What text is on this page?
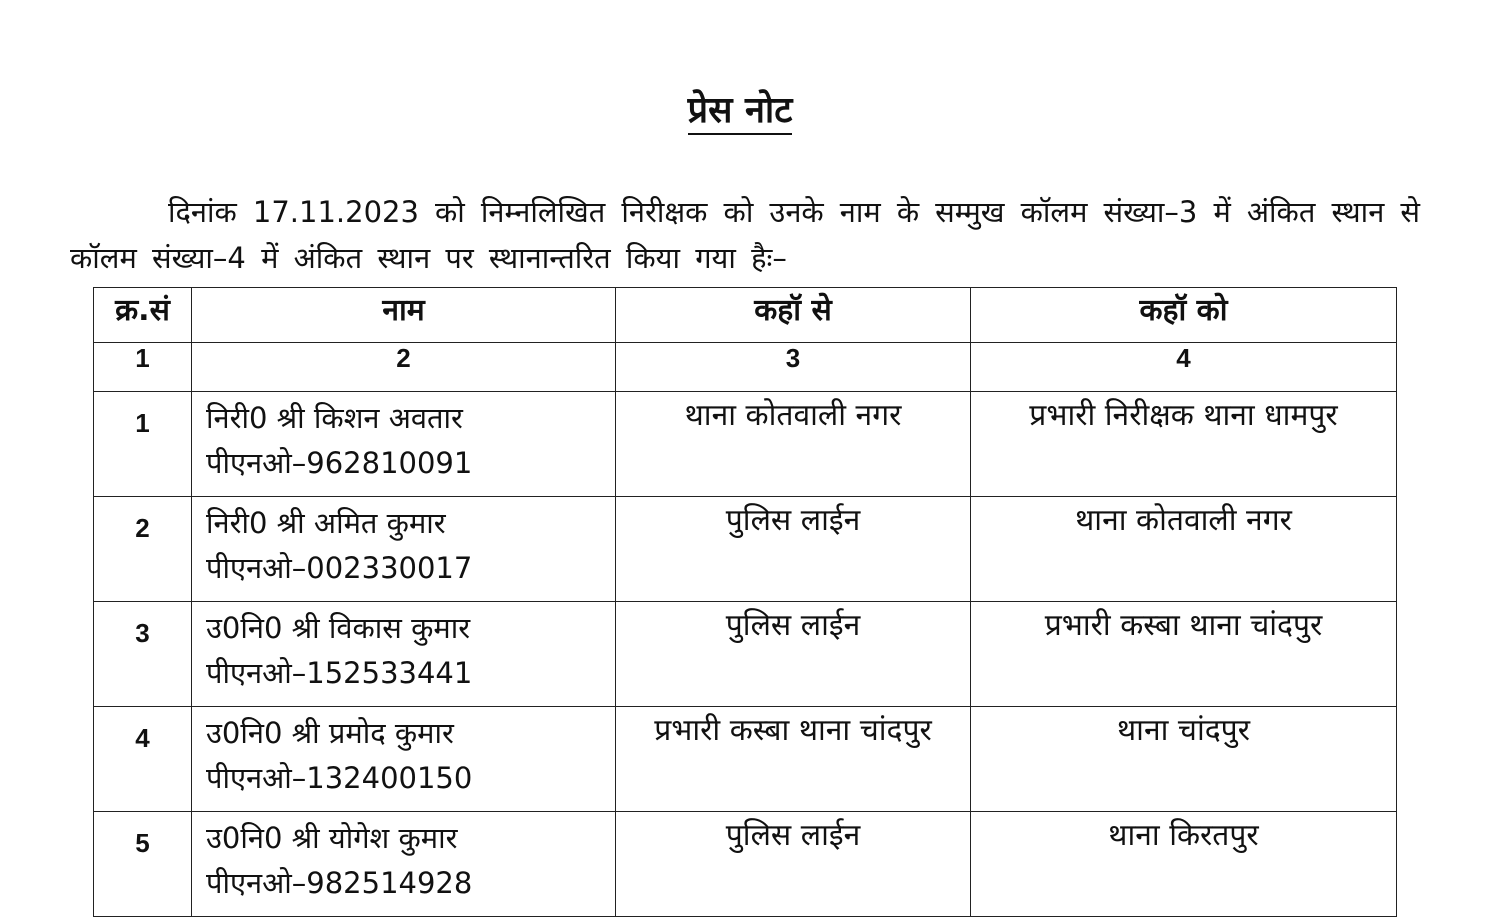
प्रेस नोट

दिनांक 17.11.2023 को निम्नलिखित निरीक्षक को उनके नाम के सम्मुख कॉलम संख्या–3 में अंकित स्थान से कॉलम संख्या–4 में अंकित स्थान पर स्थानान्तरित किया गया हैः–

क्र.सं	नाम	कहॉ से	कहॉ को
1	2	3	4
1	निरी0 श्री किशन अवतार
पीएनओ–962810091	थाना कोतवाली नगर	प्रभारी निरीक्षक थाना धामपुर
2	निरी0 श्री अमित कुमार
पीएनओ–002330017	पुलिस लाईन	थाना कोतवाली नगर
3	उ0नि0 श्री विकास कुमार
पीएनओ–152533441	पुलिस लाईन	प्रभारी कस्बा थाना चांदपुर
4	उ0नि0 श्री प्रमोद कुमार
पीएनओ–132400150	प्रभारी कस्बा थाना चांदपुर	थाना चांदपुर
5	उ0नि0 श्री योगेश कुमार
पीएनओ–982514928	पुलिस लाईन	थाना किरतपुर
